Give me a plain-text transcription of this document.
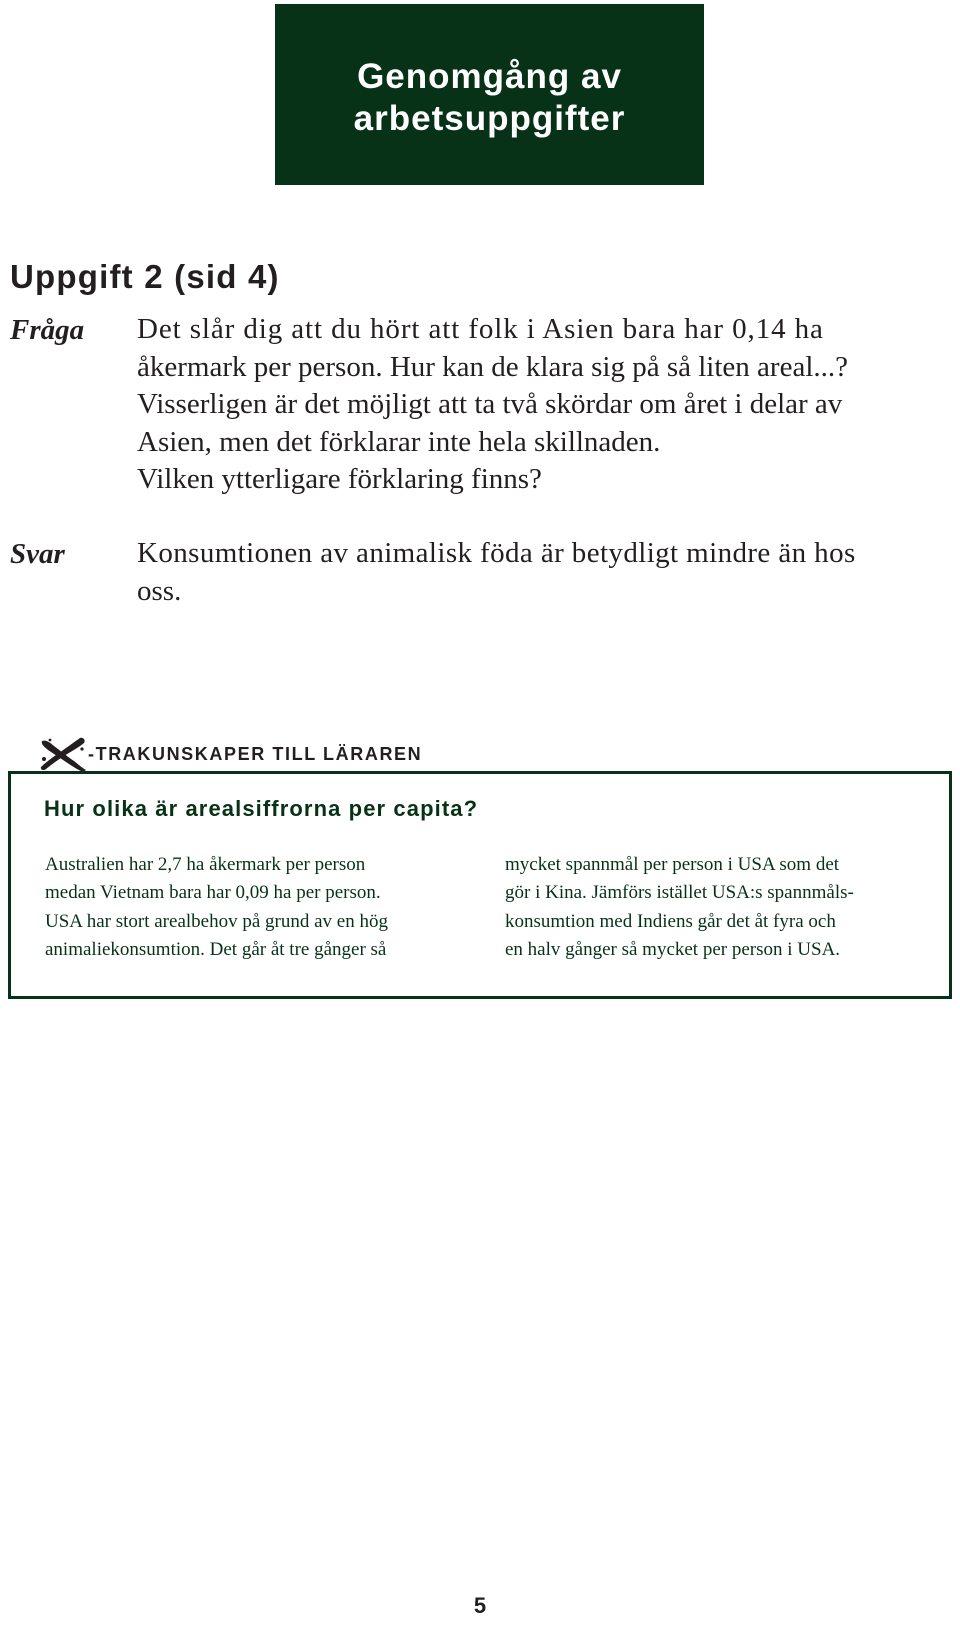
Genomgång av
arbetsuppgifter
Uppgift 2 (sid 4)
Fråga Det slår dig att du hört att folk i Asien bara har 0,14 ha
åkermark per person. Hur kan de klara sig på så liten areal...?
Visserligen är det möjligt att ta två skördar om året i delar av
Asien, men det förklarar inte hela skillnaden.
Vilken ytterligare förklaring finns?
Svar Konsumtionen av animalisk föda är betydligt mindre än hos
oss.
-TRAKUNSKAPER TILL LÄRAREN
Hur olika är arealsiffrorna per capita?
Australien har 2,7 ha åkermark per person
medan Vietnam bara har 0,09 ha per person.
USA har stort arealbehov på grund av en hög
animaliekonsumtion. Det går åt tre gånger så
mycket spannmål per person i USA som det
gör i Kina. Jämförs istället USA:s spannmåls-
konsumtion med Indiens går det åt fyra och
en halv gånger så mycket per person i USA.
5
